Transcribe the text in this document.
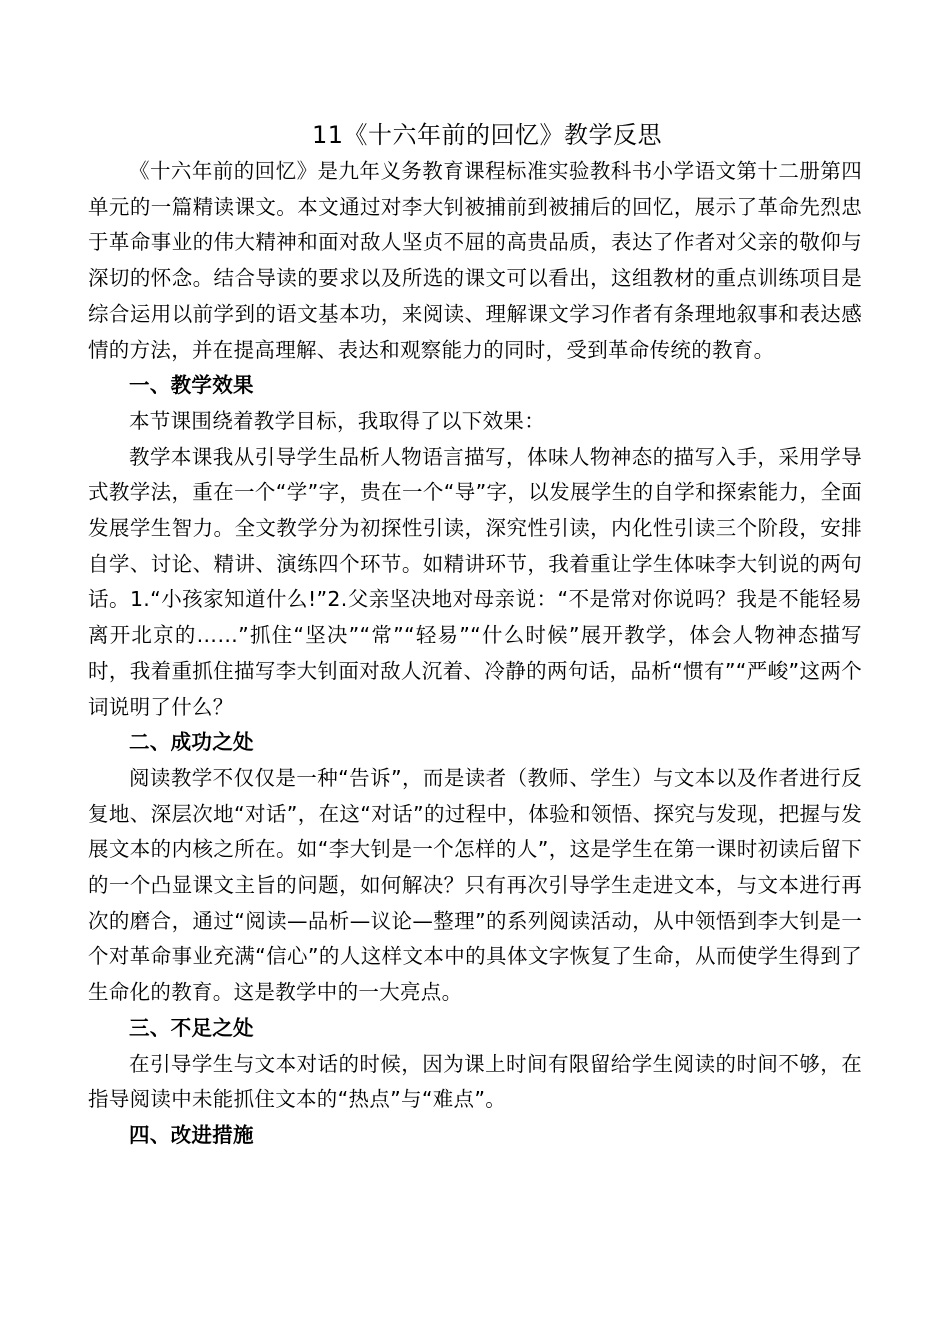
11《十六年前的回忆》教学反思

《十六年前的回忆》是九年义务教育课程标准实验教科书小学语文第十二册第四单元的一篇精读课文。本文通过对李大钊被捕前到被捕后的回忆，展示了革命先烈忠于革命事业的伟大精神和面对敌人坚贞不屈的高贵品质，表达了作者对父亲的敬仰与深切的怀念。结合导读的要求以及所选的课文可以看出，这组教材的重点训练项目是综合运用以前学到的语文基本功，来阅读、理解课文学习作者有条理地叙事和表达感情的方法，并在提高理解、表达和观察能力的同时，受到革命传统的教育。

一、教学效果

本节课围绕着教学目标，我取得了以下效果：

教学本课我从引导学生品析人物语言描写，体味人物神态的描写入手，采用学导式教学法，重在一个“学”字，贵在一个“导”字，以发展学生的自学和探索能力，全面发展学生智力。全文教学分为初探性引读，深究性引读，内化性引读三个阶段，安排自学、讨论、精讲、演练四个环节。如精讲环节，我着重让学生体味李大钊说的两句话。1.“小孩家知道什么!”2.父亲坚决地对母亲说：“不是常对你说吗？我是不能轻易离开北京的……”抓住“坚决”“常”“轻易”“什么时候”展开教学，体会人物神态描写时，我着重抓住描写李大钊面对敌人沉着、冷静的两句话，品析“惯有”“严峻”这两个词说明了什么？

二、成功之处

阅读教学不仅仅是一种“告诉”，而是读者（教师、学生）与文本以及作者进行反复地、深层次地“对话”，在这“对话”的过程中，体验和领悟、探究与发现，把握与发展文本的内核之所在。如“李大钊是一个怎样的人”，这是学生在第一课时初读后留下的一个凸显课文主旨的问题，如何解决？只有再次引导学生走进文本，与文本进行再次的磨合，通过“阅读—品析—议论—整理”的系列阅读活动，从中领悟到李大钊是一个对革命事业充满“信心”的人这样文本中的具体文字恢复了生命，从而使学生得到了生命化的教育。这是教学中的一大亮点。

三、不足之处

在引导学生与文本对话的时候，因为课上时间有限留给学生阅读的时间不够，在指导阅读中未能抓住文本的“热点”与“难点”。

四、改进措施
